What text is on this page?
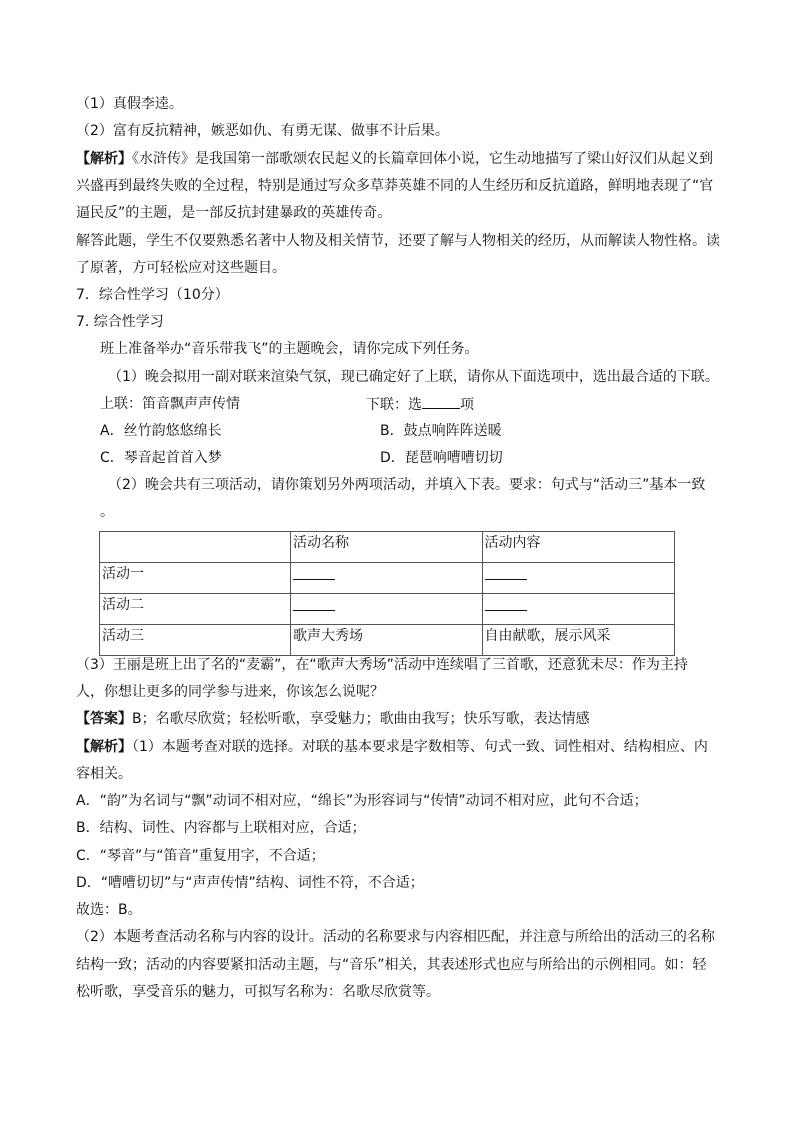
（1）真假李逵。
（2）富有反抗精神，嫉恶如仇、有勇无谋、做事不计后果。
【解析】《水浒传》是我国第一部歌颂农民起义的长篇章回体小说，它生动地描写了梁山好汉们从起义到
兴盛再到最终失败的全过程，特别是通过写众多草莽英雄不同的人生经历和反抗道路，鲜明地表现了“官
逼民反”的主题，是一部反抗封建暴政的英雄传奇。
解答此题，学生不仅要熟悉名著中人物及相关情节，还要了解与人物相关的经历，从而解读人物性格。读
了原著，方可轻松应对这些题目。
7．综合性学习（10分）
7. 综合性学习
班上准备举办“音乐带我飞”的主题晚会，请你完成下列任务。
（1）晚会拟用一副对联来渲染气氛，现已确定好了上联，请你从下面选项中，选出最合适的下联。
上联：笛音飘声声传情	下联：选	项
A．丝竹韵悠悠绵长	B．鼓点响阵阵送暖
C．琴音起首首入梦	D．琵琶响嘈嘈切切
（2）晚会共有三项活动，请你策划另外两项活动，并填入下表。要求：句式与“活动三”基本一致
。
	活动名称	活动内容
活动一		
活动二		
活动三	歌声大秀场	自由献歌，展示风采
（3）王丽是班上出了名的“麦霸”，在“歌声大秀场”活动中连续唱了三首歌，还意犹未尽：作为主持
人，你想让更多的同学参与进来，你该怎么说呢？
【答案】B；名歌尽欣赏；轻松听歌，享受魅力；歌曲由我写；快乐写歌，表达情感
【解析】（1）本题考查对联的选择。对联的基本要求是字数相等、句式一致、词性相对、结构相应、内
容相关。
A．“韵”为名词与“飘”动词不相对应，“绵长”为形容词与“传情”动词不相对应，此句不合适；
B．结构、词性、内容都与上联相对应，合适；
C．“琴音”与“笛音”重复用字，不合适；
D．“嘈嘈切切”与“声声传情”结构、词性不符，不合适；
故选：B。
（2）本题考查活动名称与内容的设计。活动的名称要求与内容相匹配，并注意与所给出的活动三的名称
结构一致；活动的内容要紧扣活动主题，与“音乐”相关，其表述形式也应与所给出的示例相同。如：轻
松听歌，享受音乐的魅力，可拟写名称为：名歌尽欣赏等。
